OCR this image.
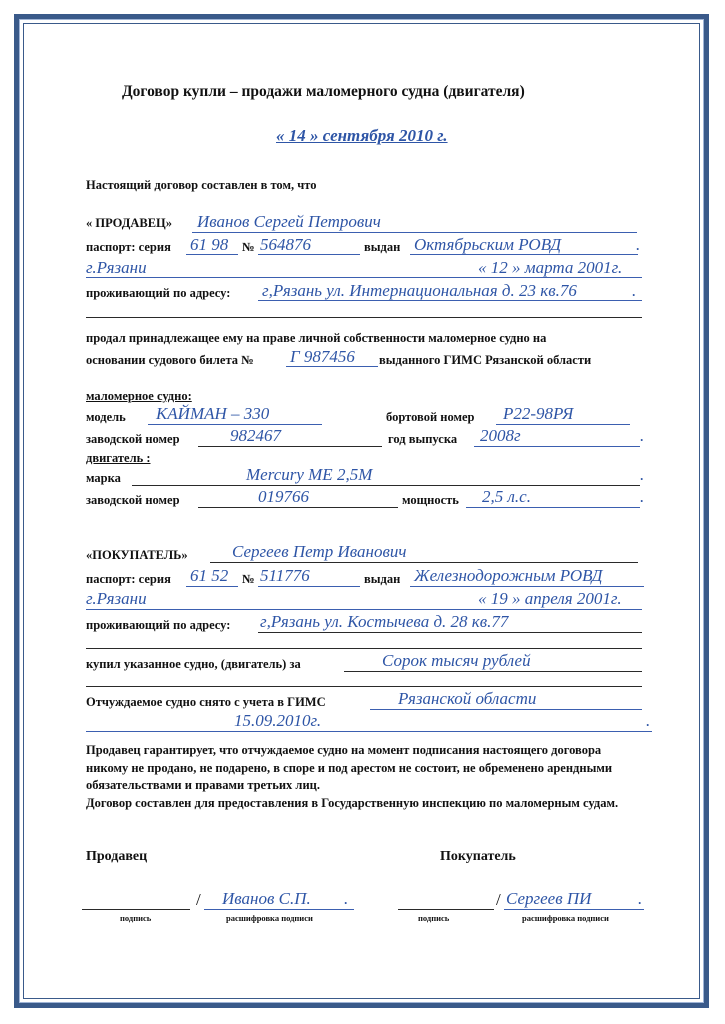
Договор купли – продажи маломерного судна (двигателя)
« 14 » сентября 2010 г.
Настоящий договор составлен в том, что
« ПРОДАВЕЦ» Иванов Сергей Петрович
паспорт: серия 61 98 № 564876	выдан Октябрьским РОВД	.
г.Рязани	« 12 » марта 2001г.
проживающий по адресу: г,Рязань ул. Интернациональная д. 23 кв.76	.
продал принадлежащее ему на праве личной собственности маломерное судно на
основании судового билета № Г 987456 выданного ГИМС Рязанской области
маломерное судно:
модель КАЙМАН – 330	бортовой номер Р22-98РЯ
заводской номер	982467	год выпуска 2008г	.
двигатель :
марка	Mercury ME 2,5M	.
заводской номер	019766	мощность 2,5 л.с.	.
«ПОКУПАТЕЛЬ»	Сергеев Петр Иванович
паспорт: серия 61 52 № 511776	выдан Железнодорожным РОВД
г.Рязани	« 19 » апреля 2001г.
проживающий по адресу: г,Рязань ул. Костычева д. 28 кв.77
купил указанное судно, (двигатель) за	Сорок тысяч рублей
Отчуждаемое судно снято с учета в ГИМС	Рязанской области
15.09.2010г.	.
Продавец гарантирует, что отчуждаемое судно на момент подписания настоящего договора никому не продано, не подарено, в споре и под арестом не состоит, не обременено арендными обязательствами и правами третьих лиц.
Договор составлен для предоставления в Государственную инспекцию по маломерным судам.
Продавец	Покупатель
/ Иванов С.П. .
подпись	расшифровка подписи
/ Сергеев ПИ	.
подпись	расшифровка подписи
